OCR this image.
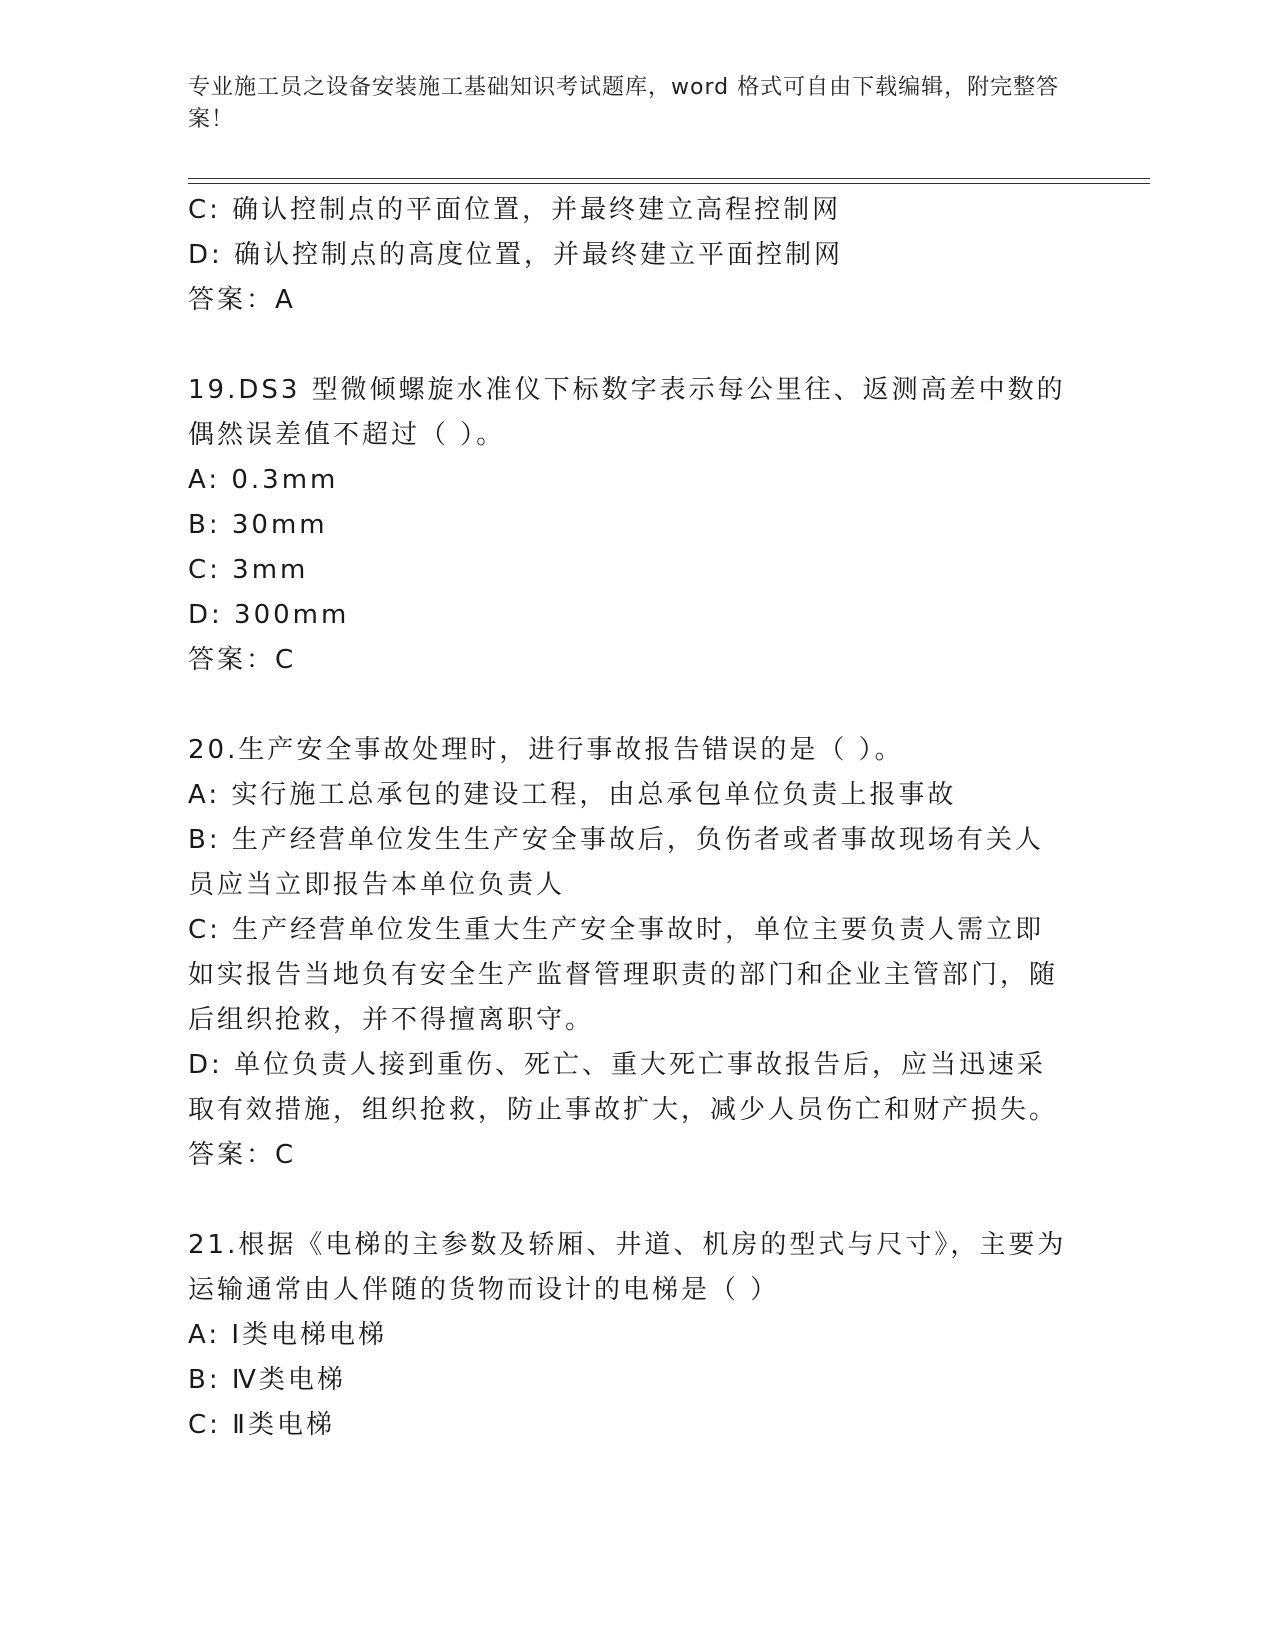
专业施工员之设备安装施工基础知识考试题库，word 格式可自由下载编辑，附完整答案！

C: 确认控制点的平面位置，并最终建立高程控制网

D: 确认控制点的高度位置，并最终建立平面控制网

答案：A

19.DS3 型微倾螺旋水准仪下标数字表示每公里往、返测高差中数的偶然误差值不超过（ ）。

A: 0.3mm

B: 30mm

C: 3mm

D: 300mm

答案：C

20.生产安全事故处理时，进行事故报告错误的是（ ）。

A: 实行施工总承包的建设工程，由总承包单位负责上报事故

B: 生产经营单位发生生产安全事故后，负伤者或者事故现场有关人员应当立即报告本单位负责人

C: 生产经营单位发生重大生产安全事故时，单位主要负责人需立即如实报告当地负有安全生产监督管理职责的部门和企业主管部门，随后组织抢救，并不得擅离职守。

D: 单位负责人接到重伤、死亡、重大死亡事故报告后，应当迅速采取有效措施，组织抢救，防止事故扩大，减少人员伤亡和财产损失。

答案：C

21.根据《电梯的主参数及轿厢、井道、机房的型式与尺寸》，主要为运输通常由人伴随的货物而设计的电梯是（ ）

A: Ⅰ类电梯电梯

B: Ⅳ类电梯

C: Ⅱ类电梯
